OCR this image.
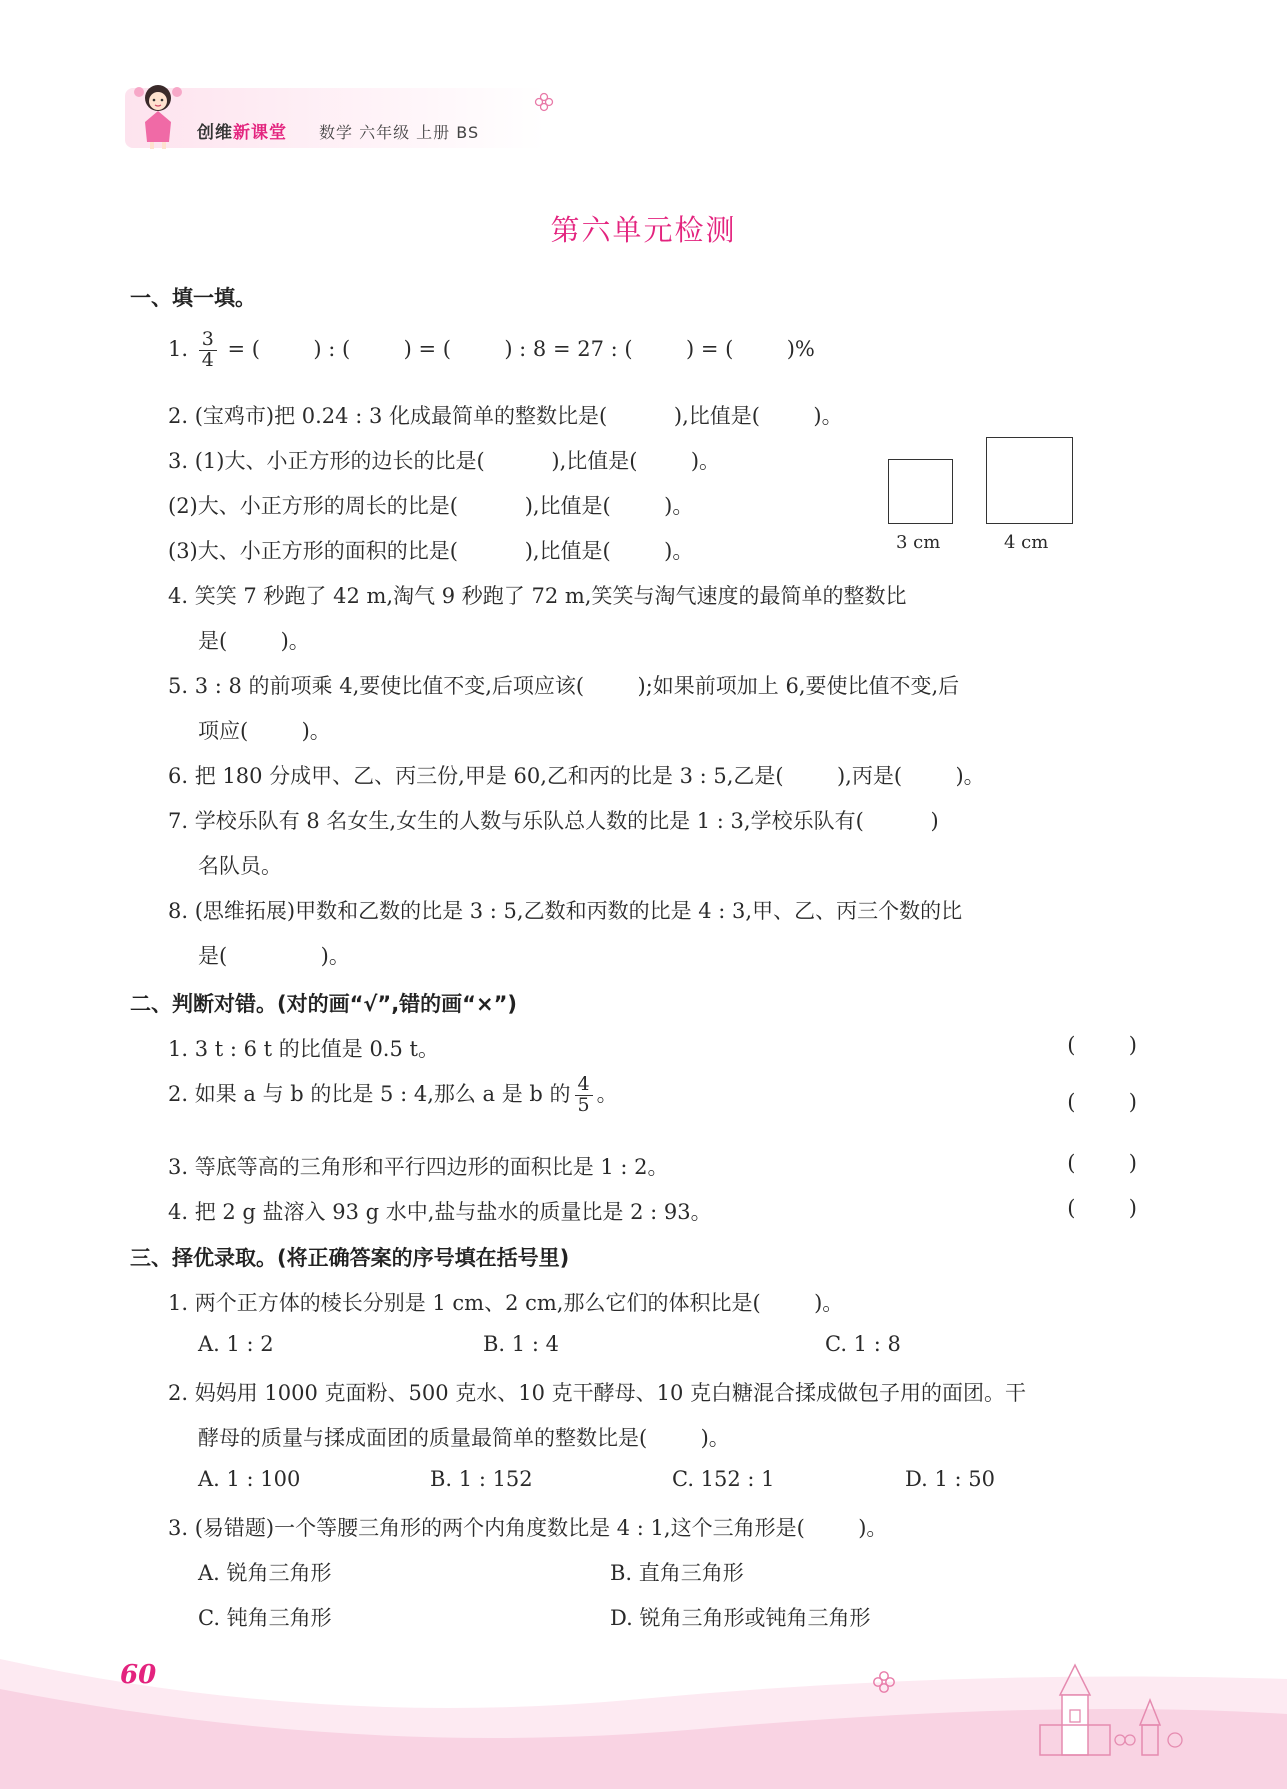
创维新课堂 数学 六年级 上册 BS
第六单元检测
一、填一填。
1. $\frac{3}{4}$ = (        ) : (        ) = (        ) : 8 = 27 : (        ) = (        )%
2. (宝鸡市)把 0.24 : 3 化成最简单的整数比是(          ),比值是(        )。
3. (1)大、小正方形的边长的比是(          ),比值是(        )。
(2)大、小正方形的周长的比是(          ),比值是(        )。
(3)大、小正方形的面积的比是(          ),比值是(        )。	3 cm	4 cm
4. 笑笑 7 秒跑了 42 m,淘气 9 秒跑了 72 m,笑笑与淘气速度的最简单的整数比
是(        )。
5. 3 : 8 的前项乘 4,要使比值不变,后项应该(        );如果前项加上 6,要使比值不变,后
项应(        )。
6. 把 180 分成甲、乙、丙三份,甲是 60,乙和丙的比是 3 : 5,乙是(        ),丙是(        )。
7. 学校乐队有 8 名女生,女生的人数与乐队总人数的比是 1 : 3,学校乐队有(          )
名队员。
8. (思维拓展)甲数和乙数的比是 3 : 5,乙数和丙数的比是 4 : 3,甲、乙、丙三个数的比
是(              )。
二、判断对错。(对的画“√”,错的画“×”)
1. 3 t : 6 t 的比值是 0.5 t。	(        )
2. 如果 a 与 b 的比是 5 : 4,那么 a 是 b 的 $\frac{4}{5}$ 。	(        )
3. 等底等高的三角形和平行四边形的面积比是 1 : 2。	(        )
4. 把 2 g 盐溶入 93 g 水中,盐与盐水的质量比是 2 : 93。	(        )
三、择优录取。(将正确答案的序号填在括号里)
1. 两个正方体的棱长分别是 1 cm、2 cm,那么它们的体积比是(        )。
A. 1 : 2	B. 1 : 4	C. 1 : 8
2. 妈妈用 1000 克面粉、500 克水、10 克干酵母、10 克白糖混合揉成做包子用的面团。干
酵母的质量与揉成面团的质量最简单的整数比是(        )。
A. 1 : 100	B. 1 : 152	C. 152 : 1	D. 1 : 50
3. (易错题)一个等腰三角形的两个内角度数比是 4 : 1,这个三角形是(        )。
A. 锐角三角形	B. 直角三角形
C. 钝角三角形	D. 锐角三角形或钝角三角形
60
